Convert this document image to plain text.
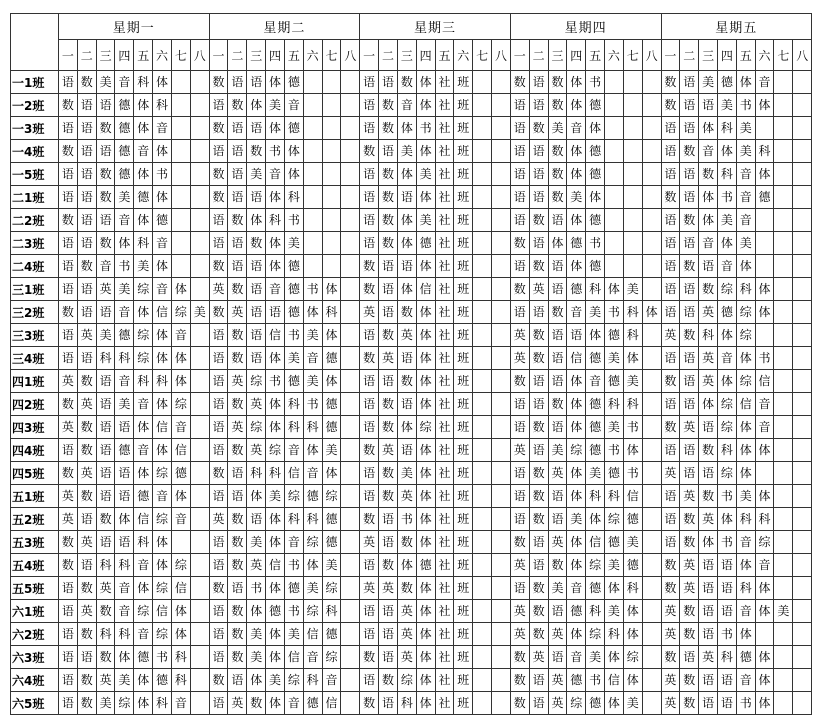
	星期一								星期二								星期三								星期四								星期五							
	一	二	三	四	五	六	七	八	一	二	三	四	五	六	七	八	一	二	三	四	五	六	七	八	一	二	三	四	五	六	七	八	一	二	三	四	五	六	七	八
一1班	语	数	美	音	科	体			数	语	语	体	德				语	语	数	体	社	班			数	语	数	体	书				数	语	美	德	体	音		
一2班	数	语	语	德	体	科			语	数	体	美	音				语	数	音	体	社	班			语	语	数	体	德				数	语	语	美	书	体		
一3班	语	语	数	德	体	音			数	语	语	体	德				语	数	体	书	社	班			语	数	美	音	体				语	语	体	科	美			
一4班	数	语	语	德	音	体			语	语	数	书	体				数	语	美	体	社	班			语	语	数	体	德				语	数	音	体	美	科		
一5班	语	语	数	德	体	书			数	语	美	音	体				语	数	体	美	社	班			语	语	数	体	德				语	语	数	科	音	体		
二1班	语	语	数	美	德	体			数	语	语	体	科				语	数	语	体	社	班			语	语	数	美	体				数	语	体	书	音	德		
二2班	数	语	语	音	体	德			语	数	体	科	书				语	数	体	美	社	班			语	数	语	体	德				语	数	体	美	音			
二3班	语	语	数	体	科	音			语	语	数	体	美				语	数	体	德	社	班			数	语	体	德	书				语	语	音	体	美			
二4班	语	数	音	书	美	体			数	语	语	体	德				数	语	语	体	社	班			语	数	语	体	德				语	数	语	音	体			
三1班	语	语	英	美	综	音	体		英	数	语	音	德	书	体		数	语	体	信	社	班			数	英	语	德	科	体	美		语	语	数	综	科	体		
三2班	数	语	语	音	体	信	综	美	数	英	语	语	德	体	科		英	语	数	体	社	班			语	语	数	音	美	书	科	体	语	语	英	德	综	体		
三3班	语	英	美	德	综	体	音		语	数	语	信	书	美	体		语	数	英	体	社	班			英	数	语	语	体	德	科		英	数	科	体	综			
三4班	语	语	科	科	综	体	体		语	数	语	体	美	音	德		数	英	语	体	社	班			英	数	语	信	德	美	体		语	语	英	音	体	书		
四1班	英	数	语	音	科	科	体		语	英	综	书	德	美	体		语	语	数	体	社	班			数	语	语	体	音	德	美		数	语	英	体	综	信		
四2班	数	英	语	美	音	体	综		语	数	英	体	科	书	德		语	数	语	体	社	班			语	语	数	体	德	科	科		语	语	体	综	信	音		
四3班	英	数	语	语	体	信	音		语	英	综	体	科	科	德		语	数	体	综	社	班			语	数	语	体	德	美	书		数	英	语	综	体	音		
四4班	语	数	语	德	音	体	信		语	数	英	综	音	体	美		数	英	语	体	社	班			英	语	美	综	德	书	体		语	语	数	科	体	体		
四5班	数	英	语	语	体	综	德		数	语	科	科	信	音	体		语	数	美	体	社	班			语	数	英	体	美	德	书		英	语	语	综	体			
五1班	英	数	语	语	德	音	体		语	语	体	美	综	德	综		语	数	英	体	社	班			语	数	语	体	科	科	信		语	英	数	书	美	体		
五2班	英	语	数	体	信	综	音		英	数	语	体	科	科	德		数	语	书	体	社	班			语	数	语	美	体	综	德		语	数	英	体	科	科		
五3班	数	英	语	语	科	体			语	数	美	体	音	综	德		英	语	数	体	社	班			数	语	英	体	信	德	美		语	数	体	书	音	综		
五4班	数	语	科	科	音	体	综		语	数	英	信	书	体	美		语	数	体	德	社	班			英	语	数	体	综	美	德		数	英	语	语	体	音		
五5班	语	数	英	音	体	综	信		数	语	书	体	德	美	综		英	英	数	体	社	班			语	数	美	音	德	体	科		数	英	语	语	科	体		
六1班	语	英	数	音	综	信	体		语	数	体	德	书	综	科		语	语	英	体	社	班			英	数	语	德	科	美	体		英	数	语	语	音	体	美	
六2班	语	数	科	科	音	综	体		语	数	美	体	美	信	德		语	语	英	体	社	班			英	数	英	体	综	科	体		英	数	语	书	体			
六3班	语	语	数	体	德	书	科		语	数	美	体	信	音	综		数	语	英	体	社	班			数	英	语	音	美	体	综		数	语	英	科	德	体		
六4班	语	数	英	美	体	德	科		数	语	体	美	综	科	音		语	数	综	体	社	班			数	语	英	德	书	信	体		英	数	语	语	音	体		
六5班	语	数	美	综	体	科	音		语	英	数	体	音	德	信		数	语	科	体	社	班			数	语	英	综	德	体	美		英	数	语	语	书	体		
